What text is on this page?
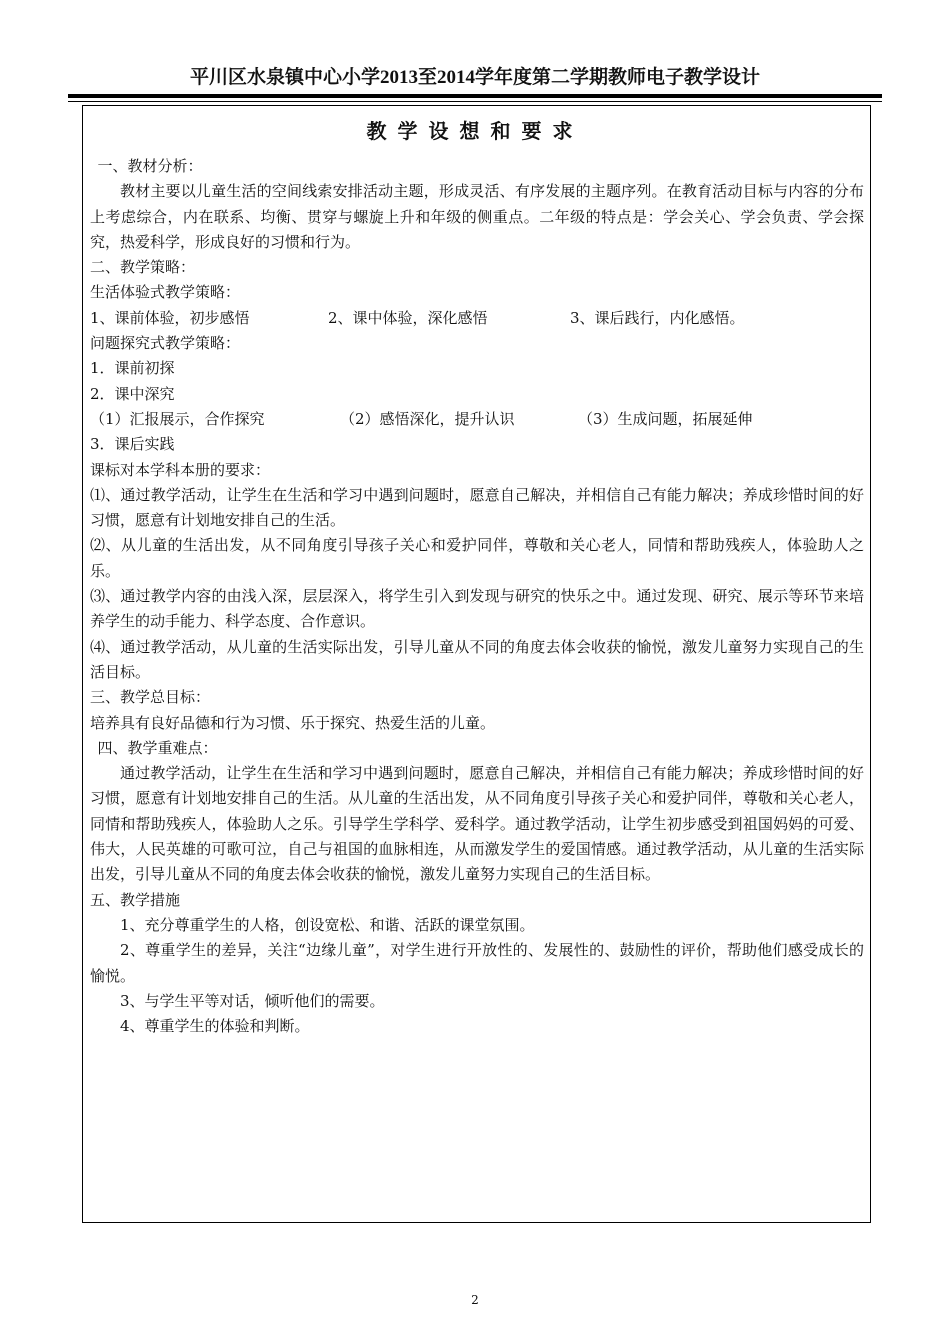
平川区水泉镇中心小学2013至2014学年度第二学期教师电子教学设计
教学设想和要求

一、教材分析：

教材主要以儿童生活的空间线索安排活动主题，形成灵活、有序发展的主题序列。在教育活动目标与内容的分布上考虑综合，内在联系、均衡、贯穿与螺旋上升和年级的侧重点。二年级的特点是：学会关心、学会负责、学会探究，热爱科学，形成良好的习惯和行为。

二、教学策略：

生活体验式教学策略：

1、课前体验，初步感悟	2、课中体验，深化感悟	3、课后践行，内化感悟。

问题探究式教学策略：

1．课前初探

2．课中深究

（1）汇报展示，合作探究	（2）感悟深化，提升认识	（3）生成问题，拓展延伸

3．课后实践

课标对本学科本册的要求：

⑴、通过教学活动，让学生在生活和学习中遇到问题时，愿意自己解决，并相信自己有能力解决；养成珍惜时间的好习惯，愿意有计划地安排自己的生活。

⑵、从儿童的生活出发，从不同角度引导孩子关心和爱护同伴，尊敬和关心老人，同情和帮助残疾人，体验助人之乐。

⑶、通过教学内容的由浅入深，层层深入，将学生引入到发现与研究的快乐之中。通过发现、研究、展示等环节来培养学生的动手能力、科学态度、合作意识。

⑷、通过教学活动，从儿童的生活实际出发，引导儿童从不同的角度去体会收获的愉悦，激发儿童努力实现自己的生活目标。

三、教学总目标：

培养具有良好品德和行为习惯、乐于探究、热爱生活的儿童。

四、教学重难点：

通过教学活动，让学生在生活和学习中遇到问题时，愿意自己解决，并相信自己有能力解决；养成珍惜时间的好习惯，愿意有计划地安排自己的生活。从儿童的生活出发，从不同角度引导孩子关心和爱护同伴，尊敬和关心老人，同情和帮助残疾人，体验助人之乐。引导学生学科学、爱科学。通过教学活动，让学生初步感受到祖国妈妈的可爱、伟大，人民英雄的可歌可泣，自己与祖国的血脉相连，从而激发学生的爱国情感。通过教学活动，从儿童的生活实际出发，引导儿童从不同的角度去体会收获的愉悦，激发儿童努力实现自己的生活目标。

五、教学措施

1、充分尊重学生的人格，创设宽松、和谐、活跃的课堂氛围。

2、尊重学生的差异，关注“边缘儿童”，对学生进行开放性的、发展性的、鼓励性的评价，帮助他们感受成长的愉悦。

3、与学生平等对话，倾听他们的需要。

4、尊重学生的体验和判断。

2
